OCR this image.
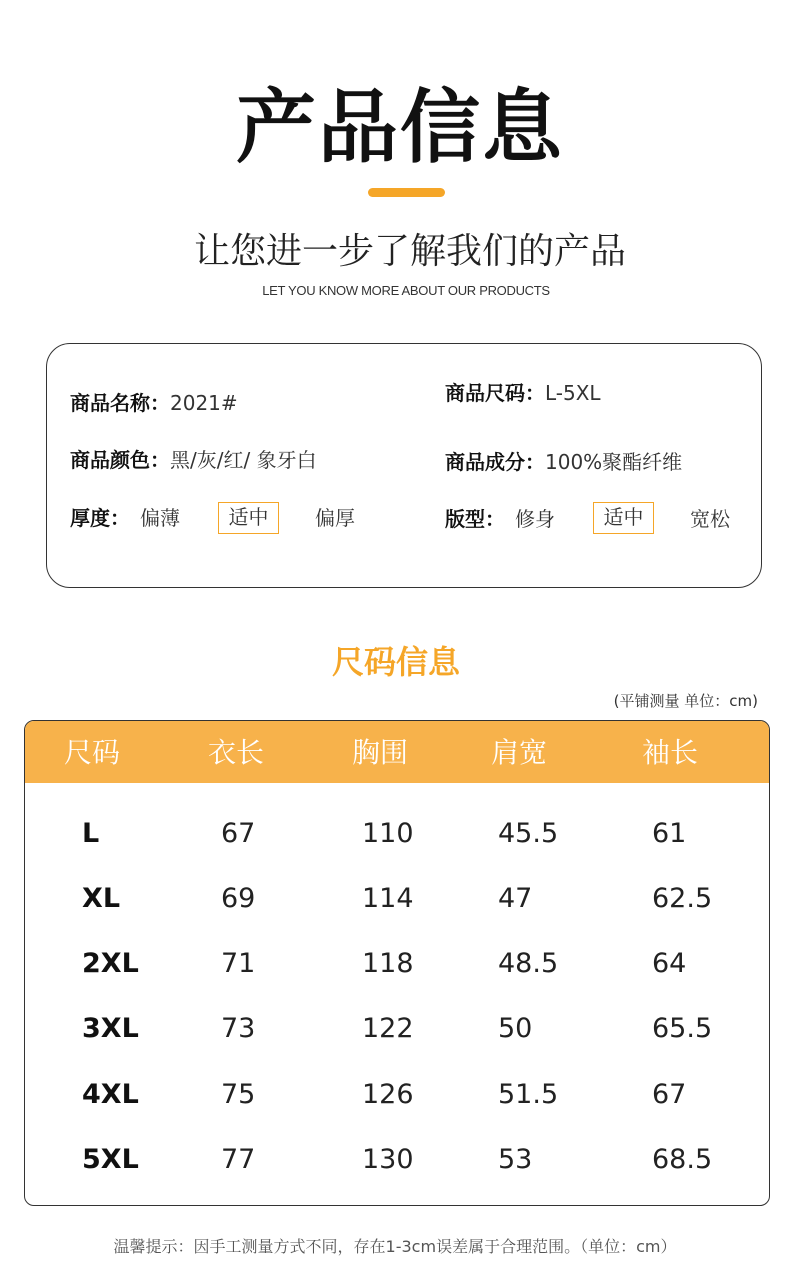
产品信息
让您进一步了解我们的产品
LET YOU KNOW MORE ABOUT OUR PRODUCTS
商品名称：2021#	商品尺码：L-5XL
商品颜色：黑/灰/红/ 象牙白	商品成分：100%聚酯纤维
厚度： 偏薄	适中	偏厚	版型： 修身	适中	宽松
尺码信息
(平铺测量 单位：cm)
尺码	衣长	胸围	肩宽	袖长
L	67	110	45.5	61
XL	69	114	47	62.5
2XL	71	118	48.5	64
3XL	73	122	50	65.5
4XL	75	126	51.5	67
5XL	77	130	53	68.5
温馨提示：因手工测量方式不同，存在1-3cm误差属于合理范围。（单位：cm）
